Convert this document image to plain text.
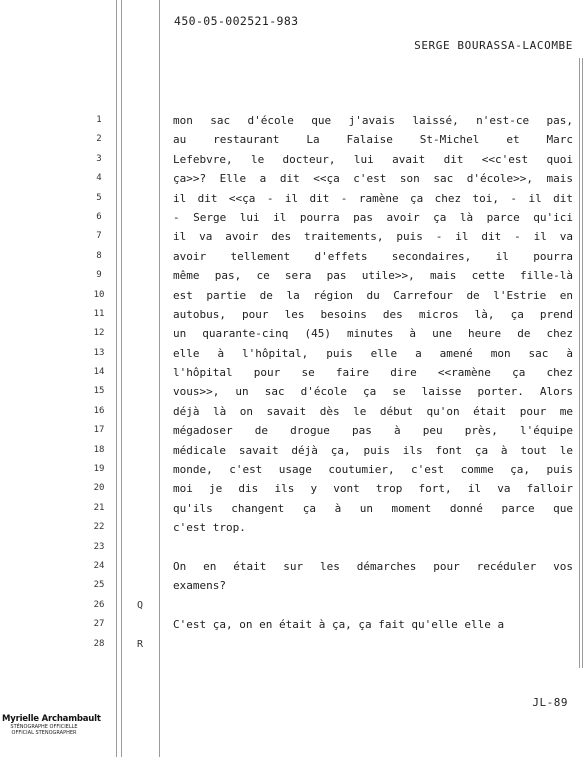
450-05-002521-983
SERGE BOURASSA-LACOMBE
1
2
3
4
5
6
7
8
9
10
11
12
13
14
15
16
17
18
19
20
21
22
23
24
25
26
27
28
Q
R
mon sac d'école que j'avais laissé, n'est-ce pas,
au restaurant La Falaise St-Michel et Marc
Lefebvre, le docteur, lui avait dit <<c'est quoi
ça>>? Elle a dit <<ça c'est son sac d'école>>, mais
il dit <<ça - il dit - ramène ça chez toi, - il dit
- Serge lui il pourra pas avoir ça là parce qu'ici
il va avoir des traitements, puis - il dit - il va
avoir tellement d'effets secondaires, il pourra
même pas, ce sera pas utile>>, mais cette fille-là
est partie de la région du Carrefour de l'Estrie en
autobus, pour les besoins des micros là, ça prend
un quarante-cinq (45) minutes à une heure de chez
elle à l'hôpital, puis elle a amené mon sac à
l'hôpital pour se faire dire <<ramène ça chez
vous>>, un sac d'école ça se laisse porter. Alors
déjà là on savait dès le début qu'on était pour me
mégadoser de drogue pas à peu près, l'équipe
médicale savait déjà ça, puis ils font ça à tout le
monde, c'est usage coutumier, c'est comme ça, puis
moi je dis ils y vont trop fort, il va falloir
qu'ils changent ça à un moment donné parce que
c'est trop.
On en était sur les démarches pour recéduler vos
examens?
C'est ça, on en était à ça, ça fait qu'elle elle a
JL-89
Myrielle Archambault
STÉNOGRAPHE OFFICIELLE
OFFICIAL STENOGRAPHER
